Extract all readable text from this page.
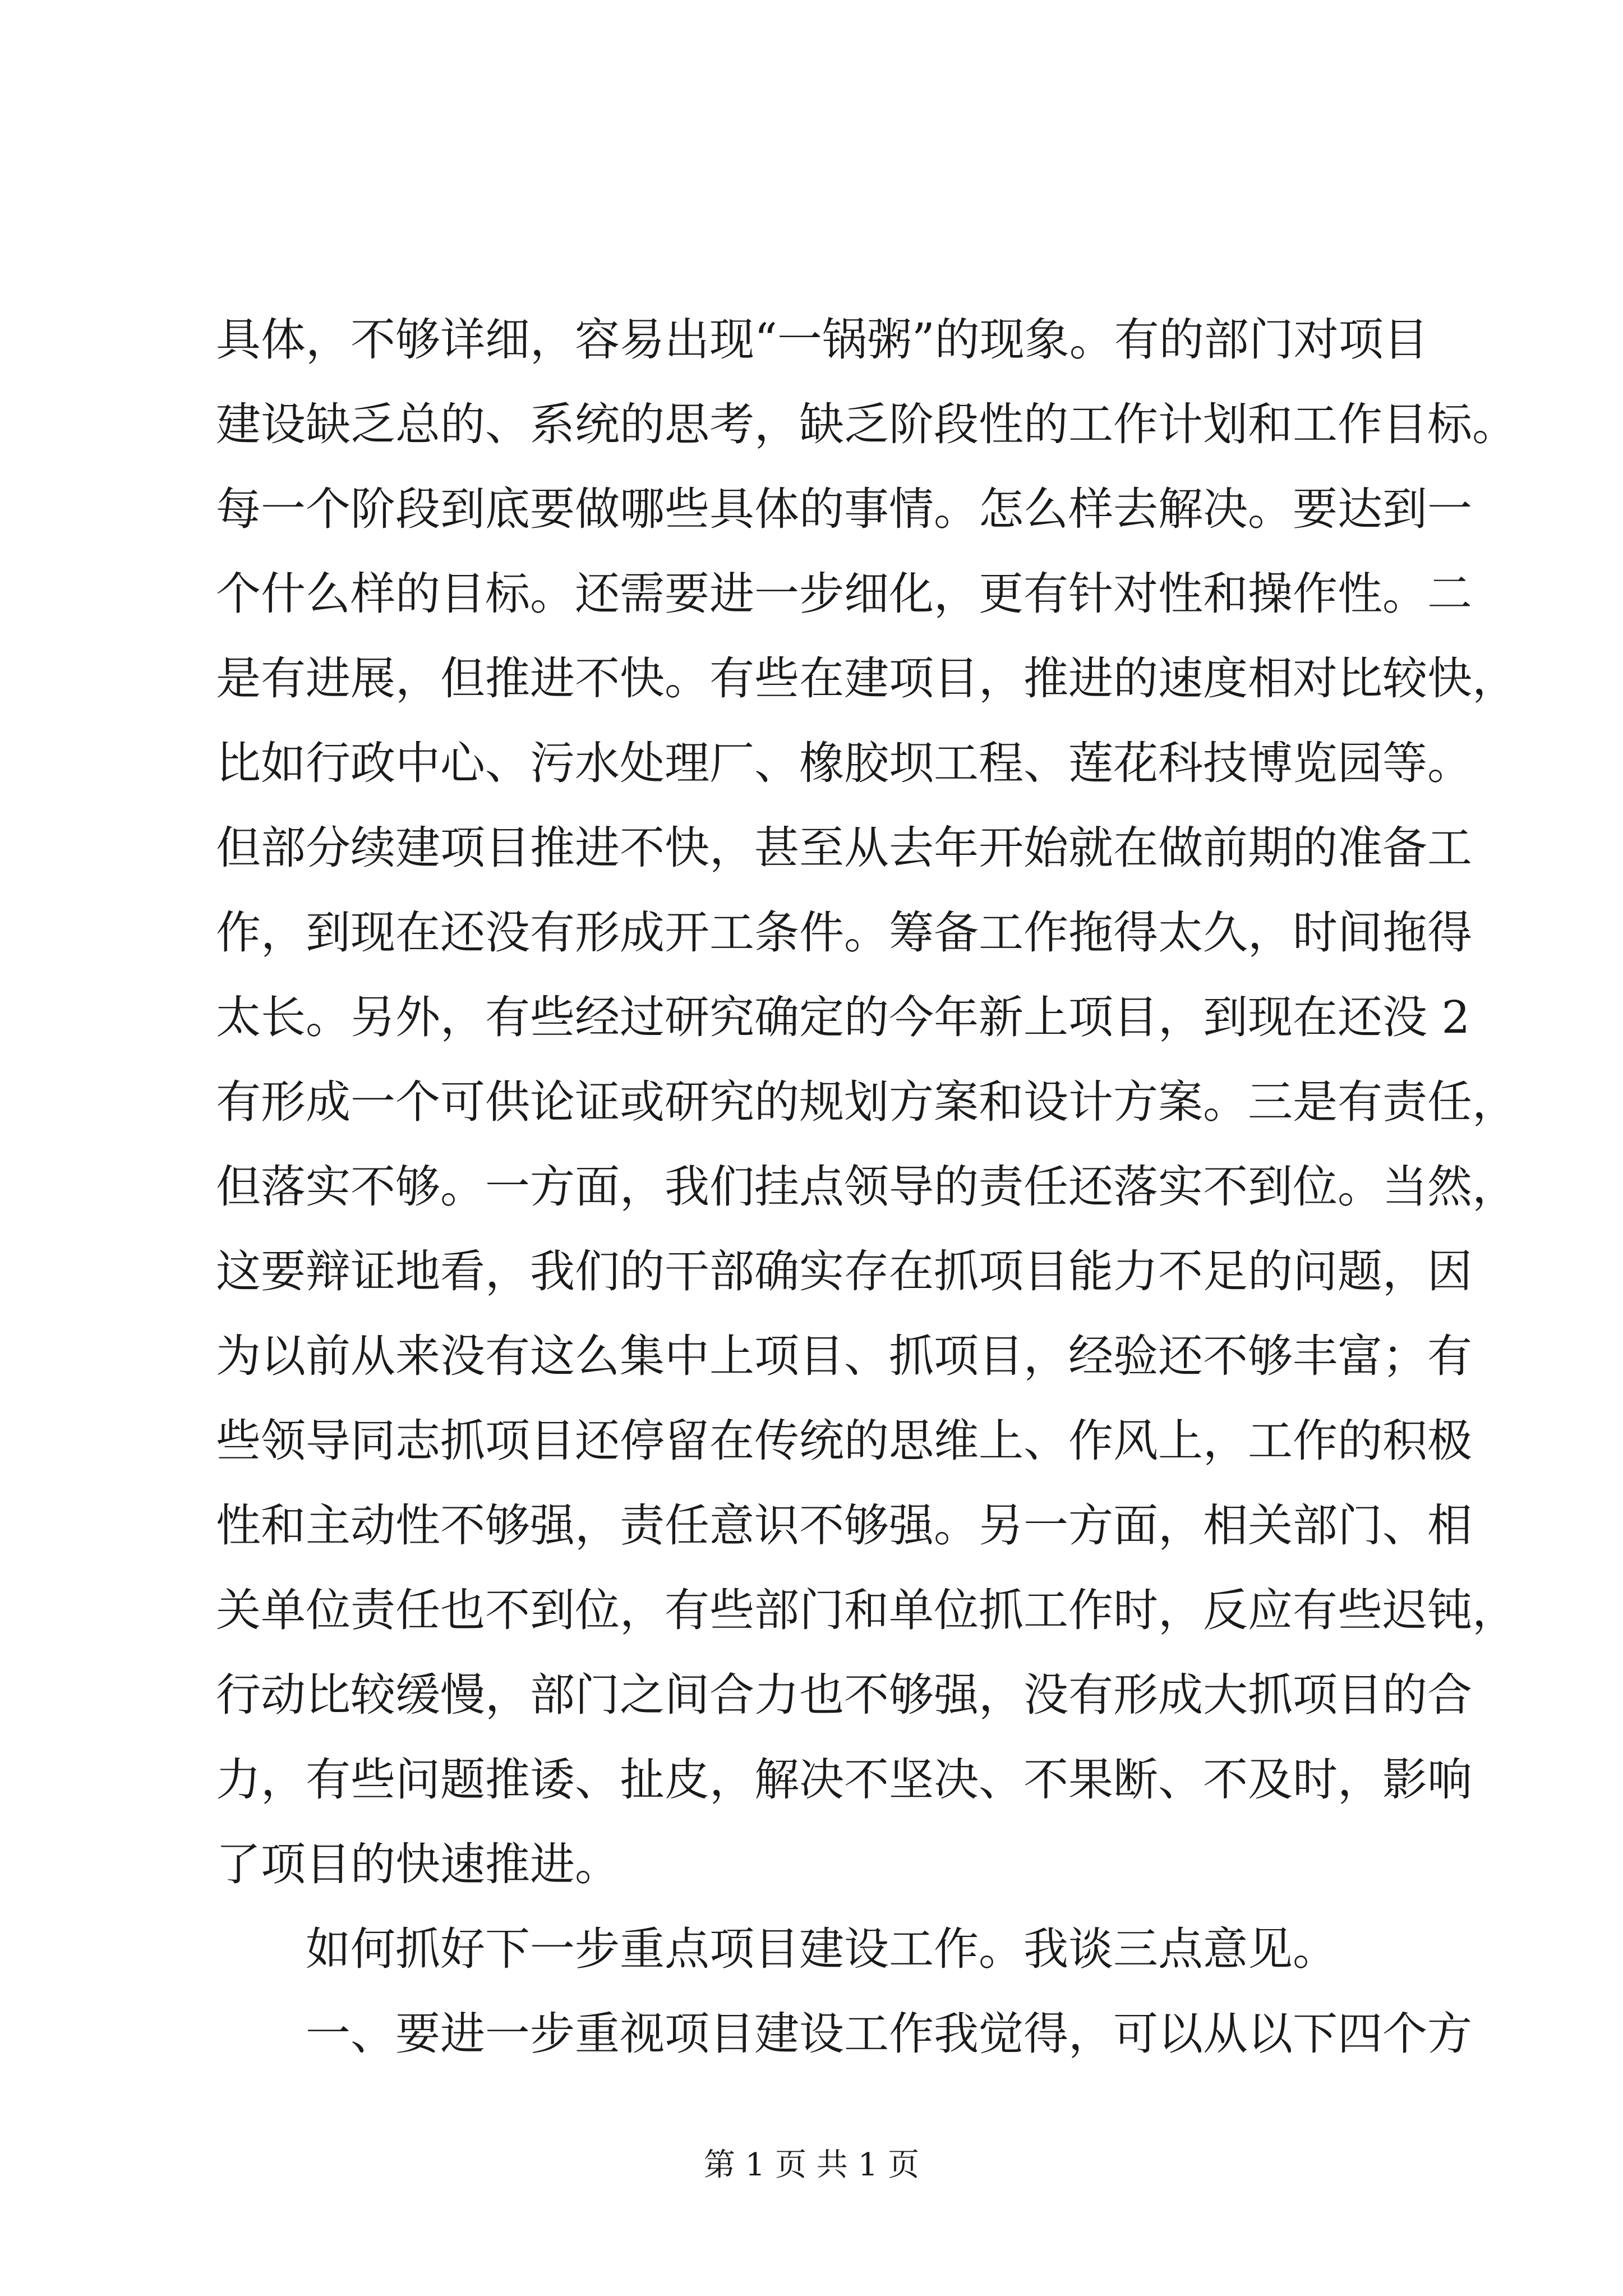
具体，不够详细，容易出现“一锅粥”的现象。有的部门对项目
建设缺乏总的、系统的思考，缺乏阶段性的工作计划和工作目标。
每一个阶段到底要做哪些具体的事情。怎么样去解决。要达到一
个什么样的目标。还需要进一步细化，更有针对性和操作性。二
是有进展，但推进不快。有些在建项目，推进的速度相对比较快，
比如行政中心、污水处理厂、橡胶坝工程、莲花科技博览园等。
但部分续建项目推进不快，甚至从去年开始就在做前期的准备工
作，到现在还没有形成开工条件。筹备工作拖得太久，时间拖得
太长。另外，有些经过研究确定的今年新上项目，到现在还没 2
有形成一个可供论证或研究的规划方案和设计方案。三是有责任，
但落实不够。一方面，我们挂点领导的责任还落实不到位。当然，
这要辩证地看，我们的干部确实存在抓项目能力不足的问题，因
为以前从来没有这么集中上项目、抓项目，经验还不够丰富；有
些领导同志抓项目还停留在传统的思维上、作风上，工作的积极
性和主动性不够强，责任意识不够强。另一方面，相关部门、相
关单位责任也不到位，有些部门和单位抓工作时，反应有些迟钝，
行动比较缓慢，部门之间合力也不够强，没有形成大抓项目的合
力，有些问题推诿、扯皮，解决不坚决、不果断、不及时，影响
了项目的快速推进。
如何抓好下一步重点项目建设工作。我谈三点意见。
一、要进一步重视项目建设工作我觉得，可以从以下四个方
第 1 页 共 1 页
